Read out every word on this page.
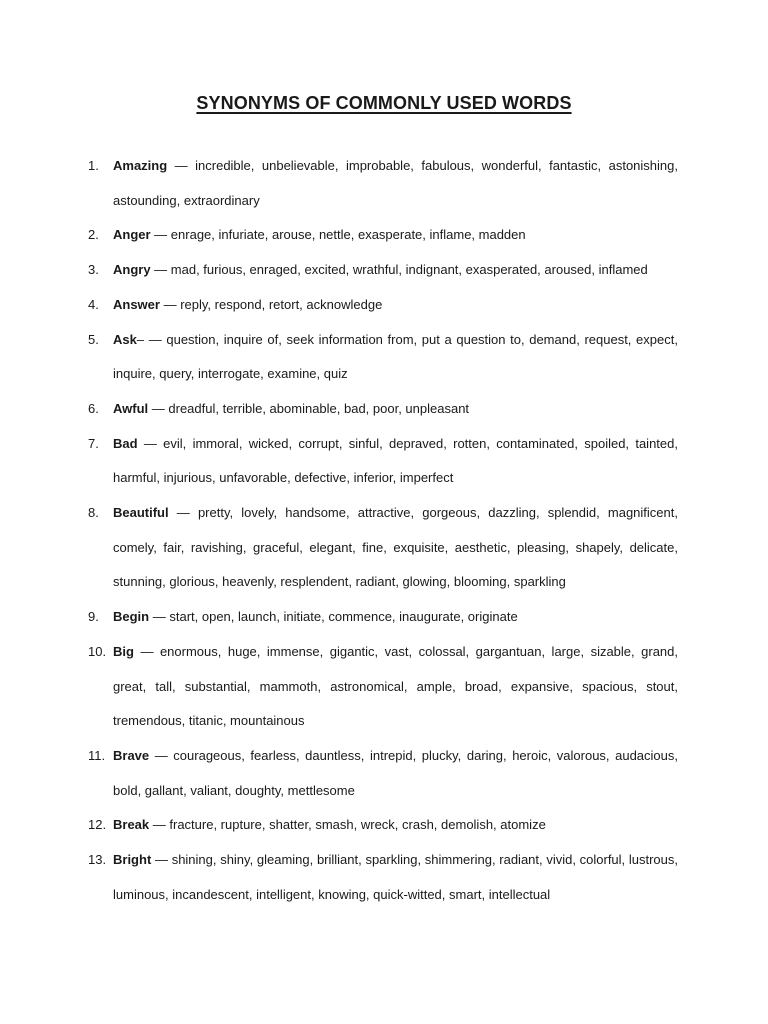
SYNONYMS OF COMMONLY USED WORDS
1.	Amazing — incredible, unbelievable, improbable, fabulous, wonderful, fantastic, astonishing, astounding, extraordinary
2.	Anger — enrage, infuriate, arouse, nettle, exasperate, inflame, madden
3.	Angry — mad, furious, enraged, excited, wrathful, indignant, exasperated, aroused, inflamed
4.	Answer — reply, respond, retort, acknowledge
5.	Ask– — question, inquire of, seek information from, put a question to, demand, request, expect, inquire, query, interrogate, examine, quiz
6.	Awful — dreadful, terrible, abominable, bad, poor, unpleasant
7.	Bad — evil, immoral, wicked, corrupt, sinful, depraved, rotten, contaminated, spoiled, tainted, harmful, injurious, unfavorable, defective, inferior, imperfect
8.	Beautiful — pretty, lovely, handsome, attractive, gorgeous, dazzling, splendid, magnificent, comely, fair, ravishing, graceful, elegant, fine, exquisite, aesthetic, pleasing, shapely, delicate, stunning, glorious, heavenly, resplendent, radiant, glowing, blooming, sparkling
9.	Begin — start, open, launch, initiate, commence, inaugurate, originate
10. Big — enormous, huge, immense, gigantic, vast, colossal, gargantuan, large, sizable, grand, great, tall, substantial, mammoth, astronomical, ample, broad, expansive, spacious, stout, tremendous, titanic, mountainous
11. Brave — courageous, fearless, dauntless, intrepid, plucky, daring, heroic, valorous, audacious, bold, gallant, valiant, doughty, mettlesome
12. Break — fracture, rupture, shatter, smash, wreck, crash, demolish, atomize
13. Bright — shining, shiny, gleaming, brilliant, sparkling, shimmering, radiant, vivid, colorful, lustrous, luminous, incandescent, intelligent, knowing, quick-witted, smart, intellectual
